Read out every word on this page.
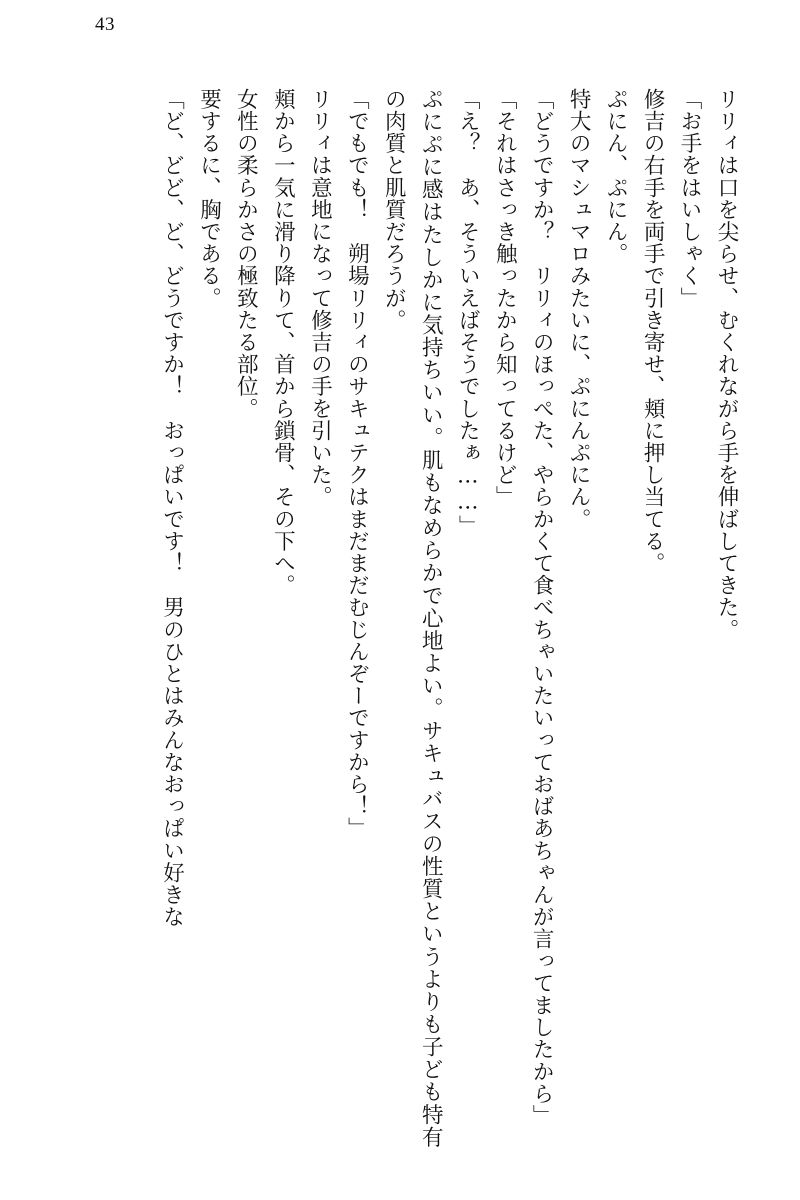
43

リリィは口を尖らせ、むくれながら手を伸ばしてきた。

「お手をはいしゃく」

修吉の右手を両手で引き寄せ、頬に押し当てる。

ぷにん、ぷにん。

特大のマシュマロみたいに、ぷにんぷにん。

「どうですか？　リリィのほっぺた、やらかくて食べちゃいたいっておばあちゃんが言ってましたから」

「それはさっき触ったから知ってるけど」

「え？　あ、そういえばそうでしたぁ……」

ぷにぷに感はたしかに気持ちいい。肌もなめらかで心地よい。サキュバスの性質というよりも子ども特有の肉質と肌質だろうが。

「でもでも！　朔場リリィのサキュテクはまだまだむじんぞーですから！」

リリィは意地になって修吉の手を引いた。

頬から一気に滑り降りて、首から鎖骨、その下へ。

女性の柔らかさの極致たる部位。

要するに、胸である。

「ど、どど、ど、どうですか！　おっぱいです！　男のひとはみんなおっぱい好きな
